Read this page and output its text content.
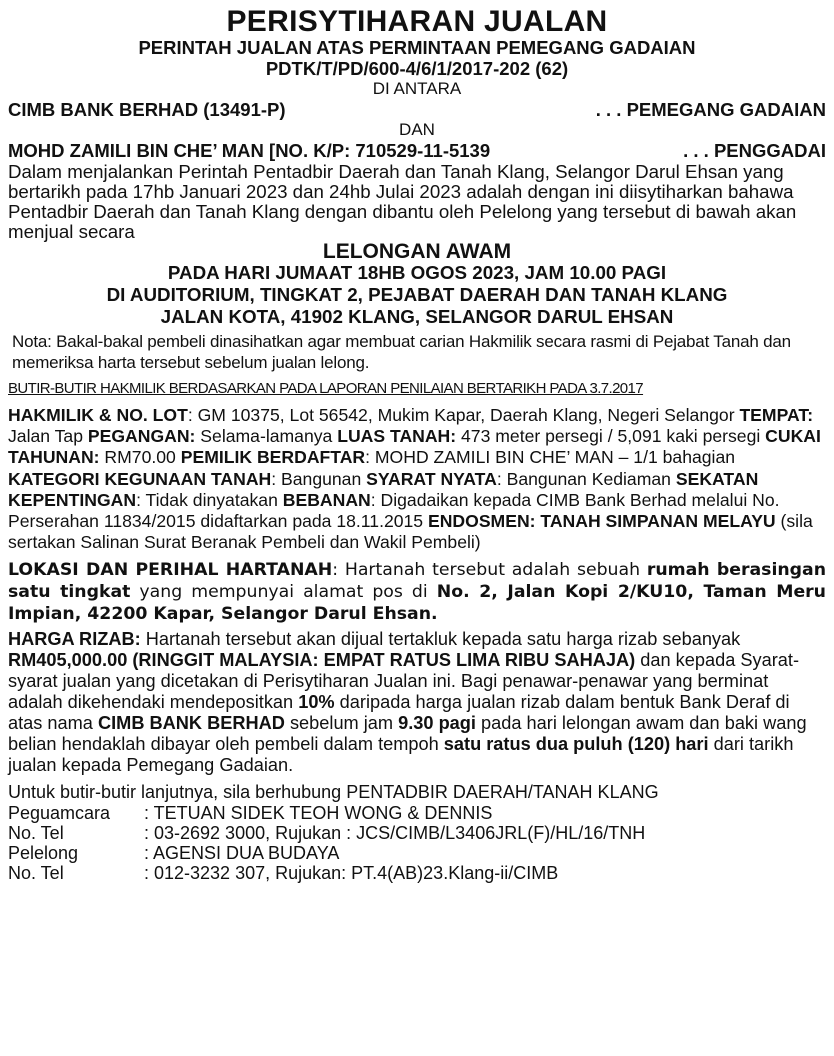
PERISYTIHARAN JUALAN
PERINTAH JUALAN ATAS PERMINTAAN PEMEGANG GADAIAN
PDTK/T/PD/600-4/6/1/2017-202 (62)
DI ANTARA
CIMB BANK BERHAD (13491-P)	. . . PEMEGANG GADAIAN
DAN
MOHD ZAMILI BIN CHE’ MAN [NO. K/P: 710529-11-5139	. . . PENGGADAI
Dalam menjalankan Perintah Pentadbir Daerah dan Tanah Klang, Selangor Darul Ehsan yang bertarikh pada 17hb Januari 2023 dan 24hb Julai 2023 adalah dengan ini diisytiharkan bahawa Pentadbir Daerah dan Tanah Klang dengan dibantu oleh Pelelong yang tersebut di bawah akan menjual secara
LELONGAN AWAM
PADA HARI JUMAAT 18HB OGOS 2023, JAM 10.00 PAGI
DI AUDITORIUM, TINGKAT 2, PEJABAT DAERAH DAN TANAH KLANG
JALAN KOTA, 41902 KLANG, SELANGOR DARUL EHSAN
Nota: Bakal-bakal pembeli dinasihatkan agar membuat carian Hakmilik secara rasmi di Pejabat Tanah dan memeriksa harta tersebut sebelum jualan lelong.
BUTIR-BUTIR HAKMILIK BERDASARKAN PADA LAPORAN PENILAIAN BERTARIKH PADA 3.7.2017
HAKMILIK & NO. LOT: GM 10375, Lot 56542, Mukim Kapar, Daerah Klang, Negeri Selangor TEMPAT: Jalan Tap PEGANGAN: Selama-lamanya LUAS TANAH: 473 meter persegi / 5,091 kaki persegi CUKAI TAHUNAN: RM70.00 PEMILIK BERDAFTAR: MOHD ZAMILI BIN CHE’ MAN – 1/1 bahagian KATEGORI KEGUNAAN TANAH: Bangunan SYARAT NYATA: Bangunan Kediaman SEKATAN KEPENTINGAN: Tidak dinyatakan BEBANAN: Digadaikan kepada CIMB Bank Berhad melalui No. Perserahan 11834/2015 didaftarkan pada 18.11.2015 ENDOSMEN: TANAH SIMPANAN MELAYU (sila sertakan Salinan Surat Beranak Pembeli dan Wakil Pembeli)
LOKASI DAN PERIHAL HARTANAH: Hartanah tersebut adalah sebuah rumah berasingan satu tingkat yang mempunyai alamat pos di No. 2, Jalan Kopi 2/KU10, Taman Meru Impian, 42200 Kapar, Selangor Darul Ehsan.
HARGA RIZAB: Hartanah tersebut akan dijual tertakluk kepada satu harga rizab sebanyak RM405,000.00 (RINGGIT MALAYSIA: EMPAT RATUS LIMA RIBU SAHAJA) dan kepada Syarat-syarat jualan yang dicetakan di Perisytiharan Jualan ini. Bagi penawar-penawar yang berminat adalah dikehendaki mendepositkan 10% daripada harga jualan rizab dalam bentuk Bank Deraf di atas nama CIMB BANK BERHAD sebelum jam 9.30 pagi pada hari lelongan awam dan baki wang belian hendaklah dibayar oleh pembeli dalam tempoh satu ratus dua puluh (120) hari dari tarikh jualan kepada Pemegang Gadaian.
Untuk butir-butir lanjutnya, sila berhubung PENTADBIR DAERAH/TANAH KLANG
Peguamcara	: TETUAN SIDEK TEOH WONG & DENNIS
No. Tel	: 03-2692 3000, Rujukan : JCS/CIMB/L3406JRL(F)/HL/16/TNH
Pelelong	: AGENSI DUA BUDAYA
No. Tel	: 012-3232 307, Rujukan: PT.4(AB)23.Klang-ii/CIMB
